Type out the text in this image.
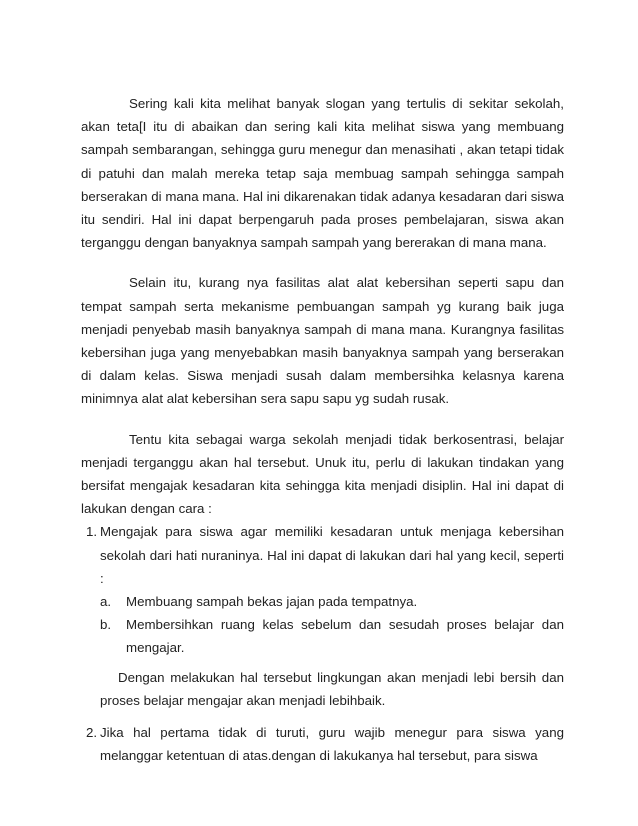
Sering kali kita melihat banyak slogan yang tertulis di sekitar sekolah, akan teta[I itu di abaikan dan sering kali kita melihat siswa yang membuang sampah sembarangan, sehingga guru menegur dan menasihati , akan tetapi tidak di patuhi dan malah mereka tetap saja membuag sampah sehingga sampah berserakan di mana mana. Hal ini dikarenakan tidak adanya kesadaran dari siswa itu sendiri. Hal ini dapat berpengaruh pada proses pembelajaran, siswa akan terganggu dengan banyaknya sampah sampah yang bererakan di mana mana.

Selain itu, kurang nya fasilitas alat alat kebersihan seperti sapu dan tempat sampah serta mekanisme pembuangan sampah yg kurang baik juga menjadi penyebab masih banyaknya sampah di mana mana. Kurangnya fasilitas kebersihan juga yang menyebabkan masih banyaknya sampah yang berserakan di dalam kelas. Siswa menjadi susah dalam membersihka kelasnya karena minimnya alat alat kebersihan sera sapu sapu yg sudah rusak.

Tentu kita sebagai warga sekolah menjadi tidak berkosentrasi, belajar menjadi terganggu akan hal tersebut. Unuk itu, perlu di lakukan tindakan yang bersifat mengajak kesadaran kita sehingga kita menjadi disiplin. Hal ini dapat di lakukan dengan cara :

1. Mengajak para siswa agar memiliki kesadaran untuk menjaga kebersihan sekolah dari hati nuraninya. Hal ini dapat di lakukan dari hal yang kecil, seperti :
a. Membuang sampah bekas jajan pada tempatnya.
b. Membersihkan ruang kelas sebelum dan sesudah proses belajar dan mengajar.

Dengan melakukan hal tersebut lingkungan akan menjadi lebi bersih dan proses belajar mengajar akan menjadi lebihbaik.

2. Jika hal pertama tidak di turuti, guru wajib menegur para siswa yang melanggar ketentuan di atas.dengan di lakukanya hal tersebut, para siswa
